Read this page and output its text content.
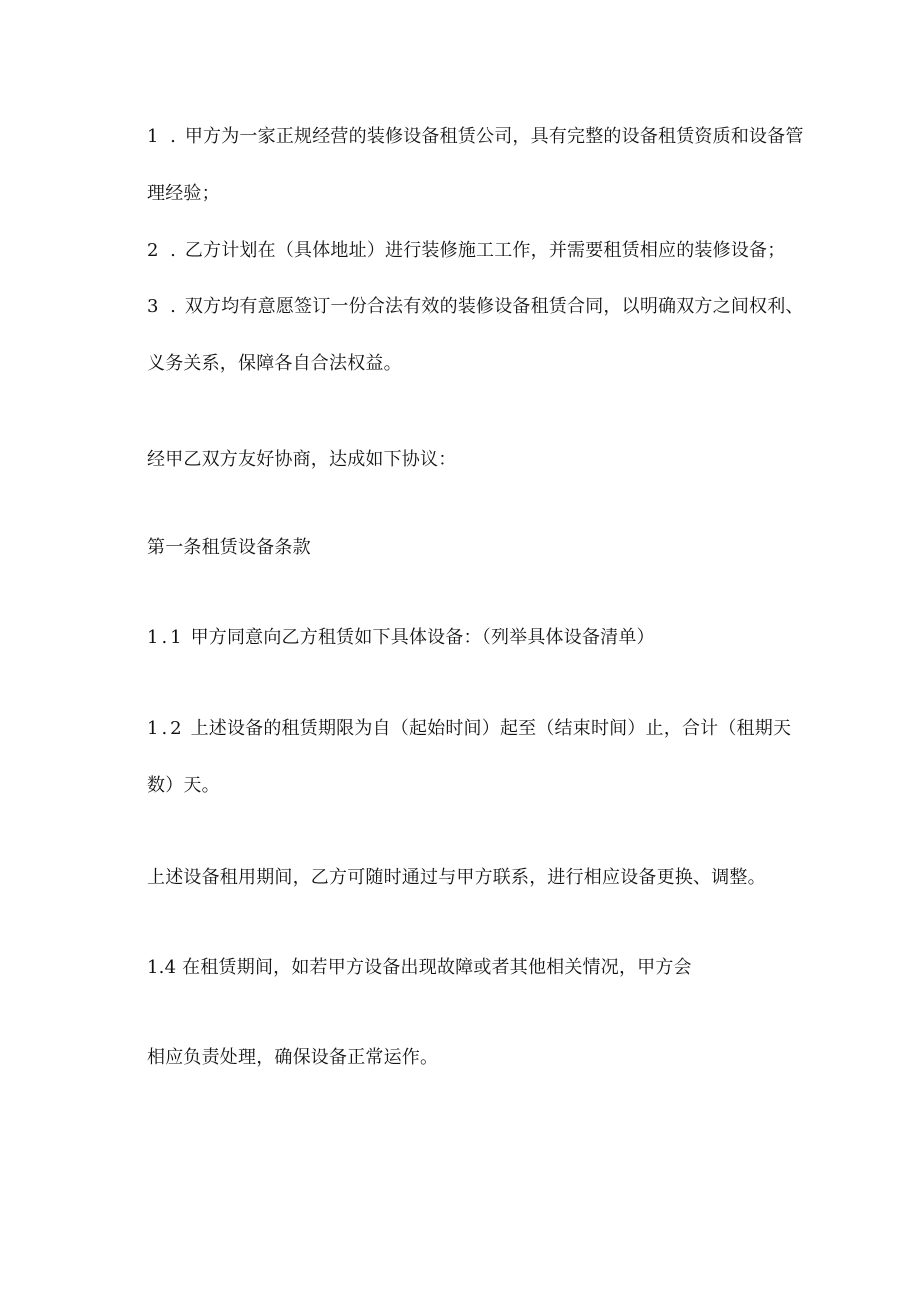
1 . 甲方为一家正规经营的装修设备租赁公司，具有完整的设备租赁资质和设备管
理经验；
2 . 乙方计划在（具体地址）进行装修施工工作，并需要租赁相应的装修设备；
3 . 双方均有意愿签订一份合法有效的装修设备租赁合同，以明确双方之间权利、
义务关系，保障各自合法权益。
经甲乙双方友好协商，达成如下协议：
第一条租赁设备条款
1.1 甲方同意向乙方租赁如下具体设备：（列举具体设备清单）
1.2 上述设备的租赁期限为自（起始时间）起至（结束时间）止，合计（租期天
数）天。
上述设备租用期间，乙方可随时通过与甲方联系，进行相应设备更换、调整。
1.4 在租赁期间，如若甲方设备出现故障或者其他相关情况，甲方会
相应负责处理，确保设备正常运作。
